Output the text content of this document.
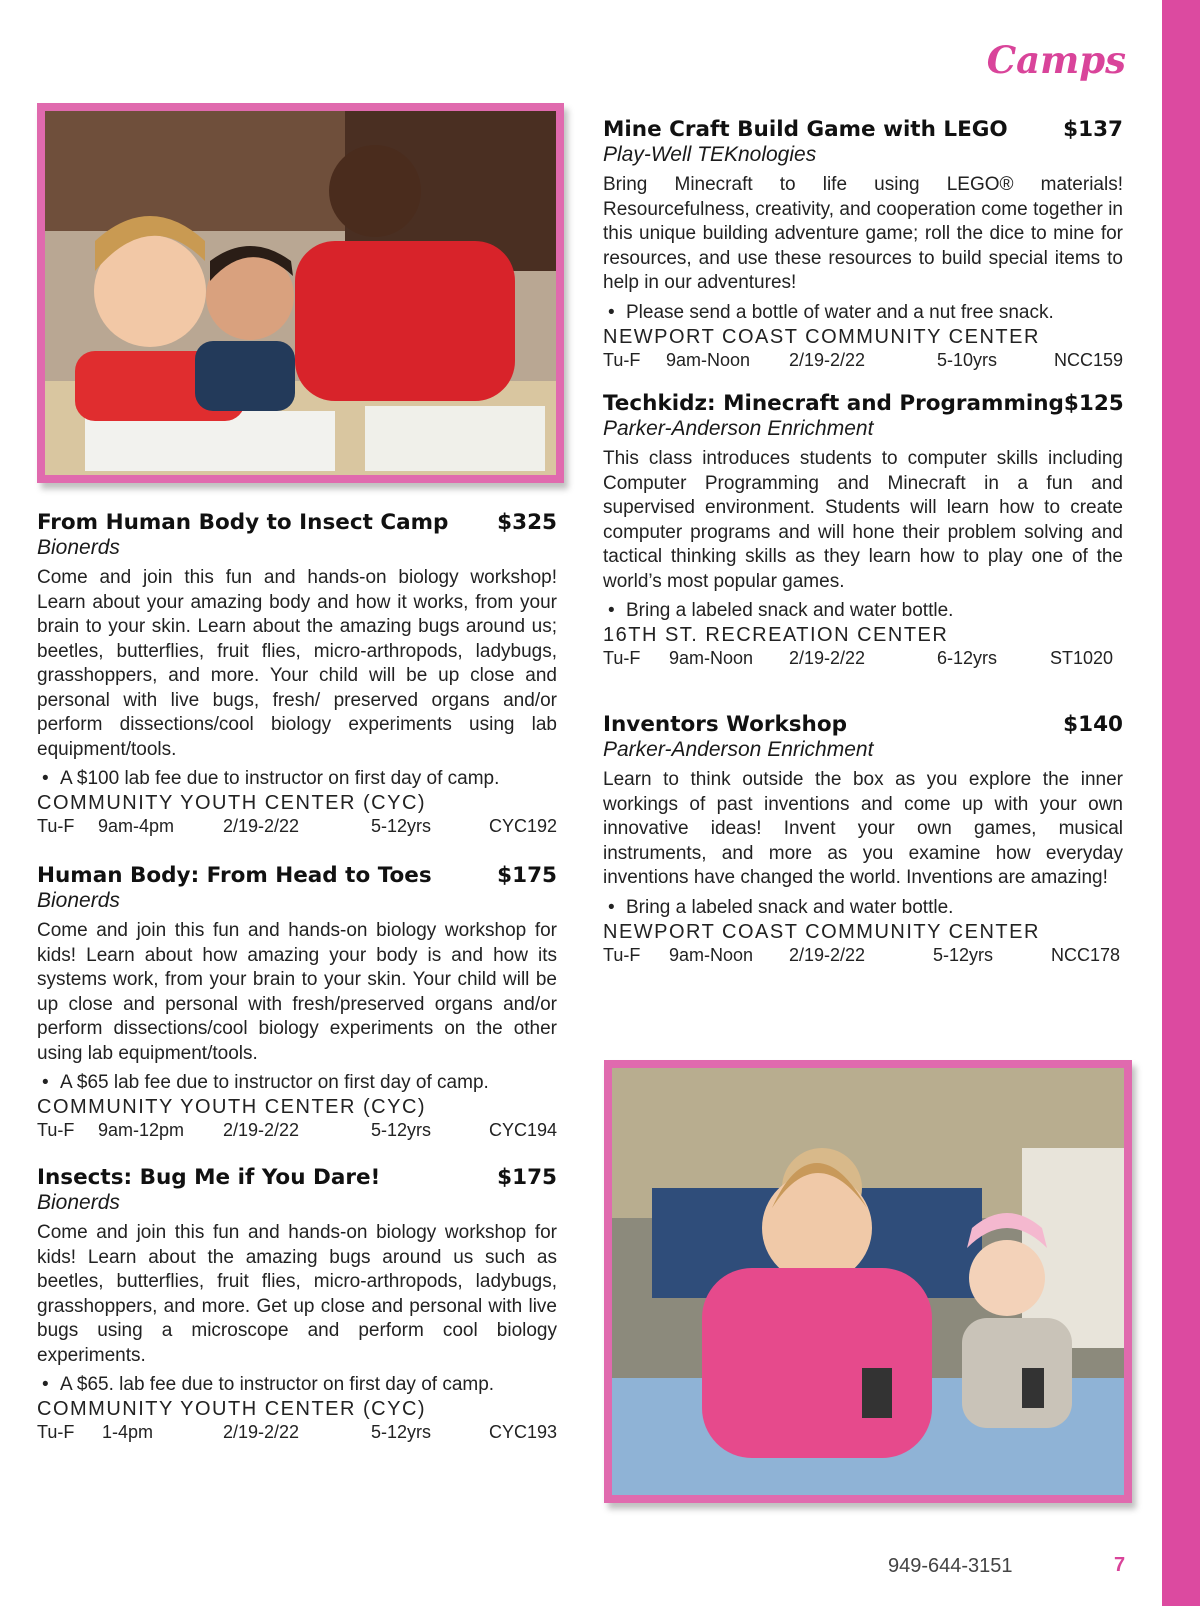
Camps
From Human Body to Insect Camp $325
Bionerds
Come and join this fun and hands-on biology workshop! Learn about your amazing body and how it works, from your brain to your skin. Learn about the amazing bugs around us; beetles, butterflies, fruit flies, micro-arthropods, ladybugs, grasshoppers, and more. Your child will be up close and personal with live bugs, fresh/ preserved organs and/or perform dissections/cool biology experiments using lab equipment/tools.
• A $100 lab fee due to instructor on first day of camp.
COMMUNITY YOUTH CENTER (CYC)
Tu-F 9am-4pm	2/19-2/22	5-12yrs	CYC192
Human Body: From Head to Toes	$175
Bionerds
Come and join this fun and hands-on biology workshop for kids! Learn about how amazing your body is and how its systems work, from your brain to your skin. Your child will be up close and personal with fresh/preserved organs and/or perform dissections/cool biology experiments on the other using lab equipment/tools.
• A $65 lab fee due to instructor on first day of camp.
COMMUNITY YOUTH CENTER (CYC)
Tu-F 9am-12pm 2/19-2/22	5-12yrs	CYC194
Insects: Bug Me if You Dare!	$175
Bionerds
Come and join this fun and hands-on biology workshop for kids! Learn about the amazing bugs around us such as beetles, butterflies, fruit flies, micro-arthropods, ladybugs, grasshoppers, and more. Get up close and personal with live bugs using a microscope and perform cool biology experiments.
• A $65. lab fee due to instructor on first day of camp.
COMMUNITY YOUTH CENTER (CYC)
Tu-F 1-4pm	2/19-2/22	5-12yrs	CYC193
Mine Craft Build Game with LEGO	$137
Play-Well TEKnologies
Bring Minecraft to life using LEGO® materials! Resourcefulness, creativity, and cooperation come together in this unique building adventure game; roll the dice to mine for resources, and use these resources to build special items to help in our adventures!
• Please send a bottle of water and a nut free snack.
NEWPORT COAST COMMUNITY CENTER
Tu-F 9am-Noon 2/19-2/22	5-10yrs	NCC159
Techkidz: Minecraft and Programming $125
Parker-Anderson Enrichment
This class introduces students to computer skills including Computer Programming and Minecraft in a fun and supervised environment. Students will learn how to create computer programs and will hone their problem solving and tactical thinking skills as they learn how to play one of the world’s most popular games.
• Bring a labeled snack and water bottle.
16TH ST. RECREATION CENTER
Tu-F 9am-Noon 2/19-2/22	6-12yrs	ST1020
Inventors Workshop	$140
Parker-Anderson Enrichment
Learn to think outside the box as you explore the inner workings of past inventions and come up with your own innovative ideas! Invent your own games, musical instruments, and more as you examine how everyday inventions have changed the world. Inventions are amazing!
• Bring a labeled snack and water bottle.
NEWPORT COAST COMMUNITY CENTER
Tu-F 9am-Noon 2/19-2/22	5-12yrs	NCC178
949-644-3151	7
